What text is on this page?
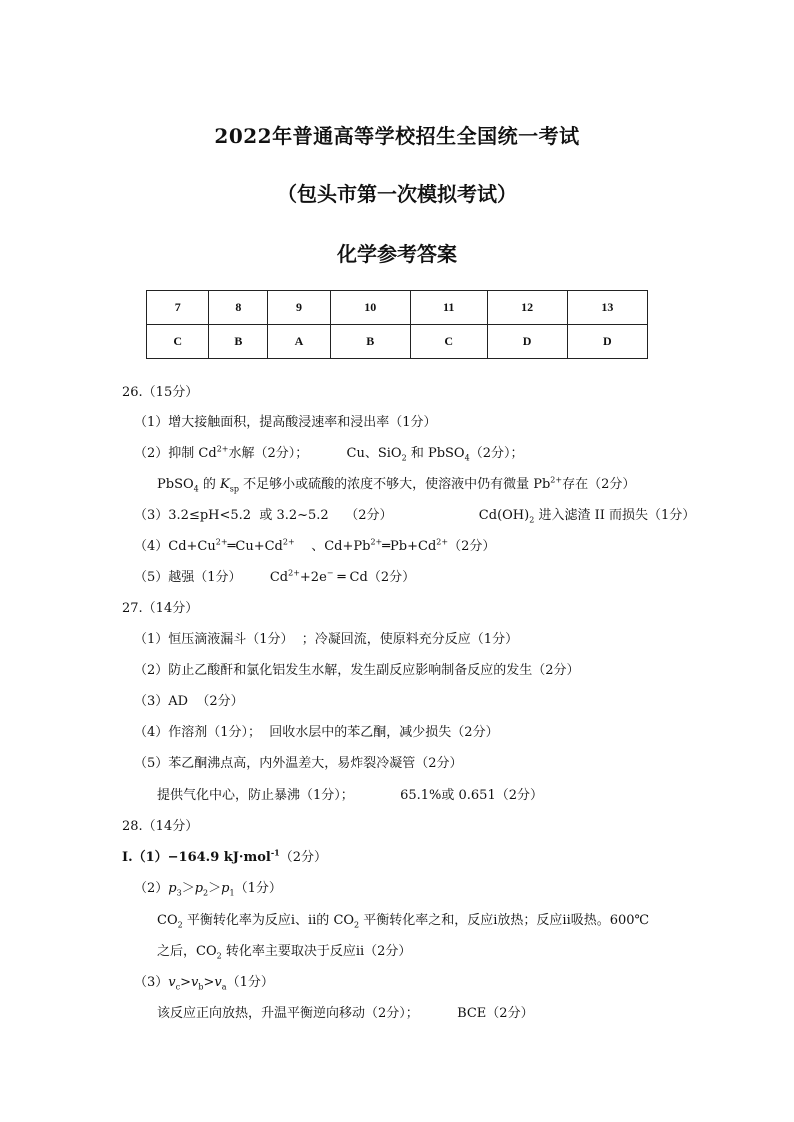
2022年普通高等学校招生全国统一考试
（包头市第一次模拟考试）
化学参考答案
7	8	9	10	11	12	13
C	B	A	B	C	D	D
26.（15分）
（1）增大接触面积，提高酸浸速率和浸出率（1分）
（2）抑制 $Cd^{2+}$水解（2分）；	Cu、SiO$_2$ 和 PbSO$_4$（2分）；
PbSO$_4$ 的 $K_{sp}$ 不足够小或硫酸的浓度不够大，使溶液中仍有微量 $Pb^{2+}$存在（2分）
（3）3.2≤pH<5.2  或 3.2~5.2    （2分）	$Cd(OH)_2$ 进入滤渣 II 而损失（1分）
$(4)Cd+Cu^{2+}═Cu+Cd^{2+}$    、$Cd+Pb^{2+}═Pb+Cd^{2+}(2$分）
（5）越强（1分） $Cd^{2+}+2e^-$ ═ Cd（2分）
27.（14分）
（1）恒压滴液漏斗（1分）  ；冷凝回流，使原料充分反应（1分）
（2）防止乙酸酐和氯化铝发生水解，发生副反应影响制备反应的发生（2分）
（3）AD  （2分）
（4）作溶剂（1分）；  回收水层中的苯乙酮，减少损失（2分）
（5）苯乙酮沸点高，内外温差大，易炸裂冷凝管（2分）
提供气化中心，防止暴沸（1分）；	65.1%或 0.651（2分）
28.（14分）
I.（1）−164.9 kJ·mol$^{-1}$（2分）
$(2)p_3>p_2>p_1(1$分）
$CO_2$ 平衡转化率为反应i、ii的 $CO_2$ 平衡转化率之和，反应i放热；反应ii吸热。600℃
之后，$CO_2$ 转化率主要取决于反应ii（2分）
$(3)v_c>v_b>v_a(1$分）
该反应正向放热，升温平衡逆向移动（2分）；	BCE（2分）
